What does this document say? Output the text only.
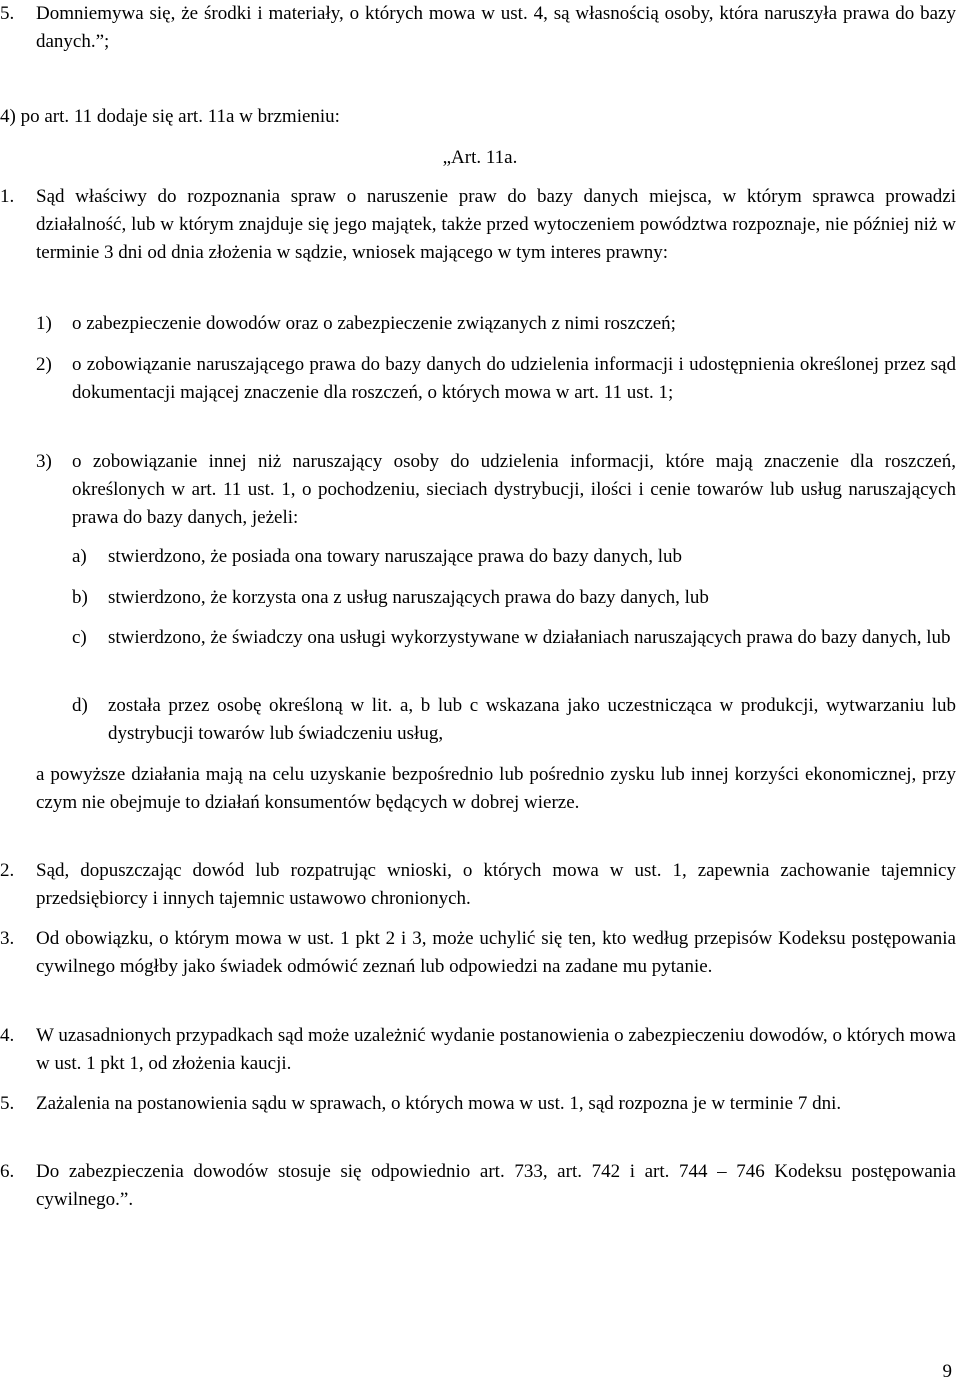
5. Domniemywa się, że środki i materiały, o których mowa w ust. 4, są własnością osoby, która naruszyła prawa do bazy danych.”;

4) po art. 11 dodaje się art. 11a w brzmieniu:

„Art. 11a.
1. Sąd właściwy do rozpoznania spraw o naruszenie praw do bazy danych miejsca, w którym sprawca prowadzi działalność, lub w którym znajduje się jego majątek, także przed wytoczeniem powództwa rozpoznaje, nie później niż w terminie 3 dni od dnia złożenia w sądzie, wniosek mającego w tym interes prawny:
1) o zabezpieczenie dowodów oraz o zabezpieczenie związanych z nimi roszczeń;
2) o zobowiązanie naruszającego prawa do bazy danych do udzielenia informacji i udostępnienia określonej przez sąd dokumentacji mającej znaczenie dla roszczeń, o których mowa w art. 11 ust. 1;
3) o zobowiązanie innej niż naruszający osoby do udzielenia informacji, które mają znaczenie dla roszczeń, określonych w art. 11 ust. 1, o pochodzeniu, sieciach dystrybucji, ilości i cenie towarów lub usług naruszających prawa do bazy danych, jeżeli:
a) stwierdzono, że posiada ona towary naruszające prawa do bazy danych, lub
b) stwierdzono, że korzysta ona z usług naruszających prawa do bazy danych, lub
c) stwierdzono, że świadczy ona usługi wykorzystywane w działaniach naruszających prawa do bazy danych, lub
d) została przez osobę określoną w lit. a, b lub c wskazana jako uczestnicząca w produkcji, wytwarzaniu lub dystrybucji towarów lub świadczeniu usług,

a powyższe działania mają na celu uzyskanie bezpośrednio lub pośrednio zysku lub innej korzyści ekonomicznej, przy czym nie obejmuje to działań konsumentów będących w dobrej wierze.

2. Sąd, dopuszczając dowód lub rozpatrując wnioski, o których mowa w ust. 1, zapewnia zachowanie tajemnicy przedsiębiorcy i innych tajemnic ustawowo chronionych.
3. Od obowiązku, o którym mowa w ust. 1 pkt 2 i 3, może uchylić się ten, kto według przepisów Kodeksu postępowania cywilnego mógłby jako świadek odmówić zeznań lub odpowiedzi na zadane mu pytanie.
4. W uzasadnionych przypadkach sąd może uzależnić wydanie postanowienia o zabezpieczeniu dowodów, o których mowa w ust. 1 pkt 1, od złożenia kaucji.
5. Zażalenia na postanowienia sądu w sprawach, o których mowa w ust. 1, sąd rozpozna je w terminie 7 dni.
6. Do zabezpieczenia dowodów stosuje się odpowiednio art. 733, art. 742 i art. 744 – 746 Kodeksu postępowania cywilnego.”.
9
